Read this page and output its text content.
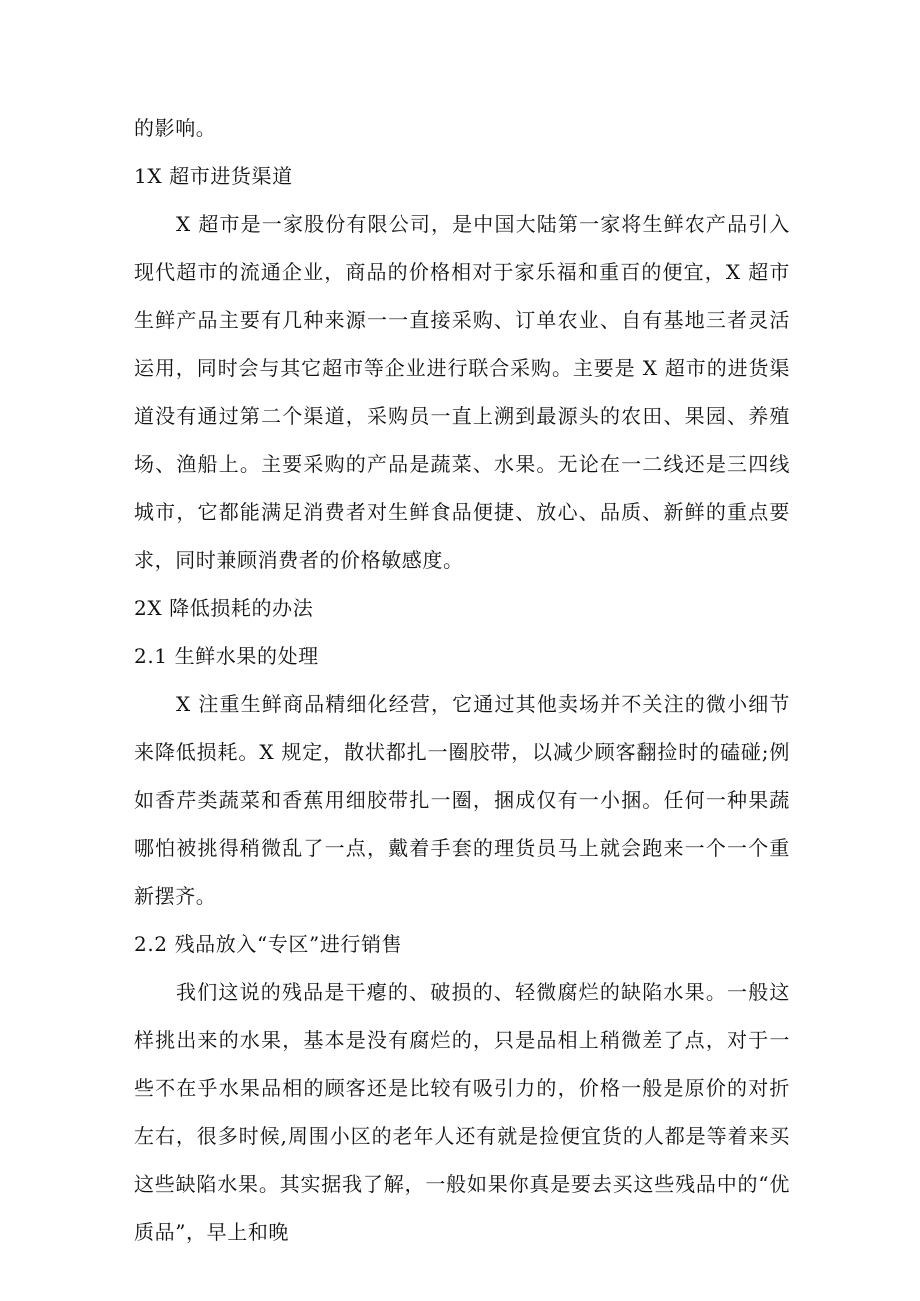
的影响。

1X 超市进货渠道

X 超市是一家股份有限公司，是中国大陆第一家将生鲜农产品引入现代超市的流通企业，商品的价格相对于家乐福和重百的便宜，X 超市生鲜产品主要有几种来源一一直接采购、订单农业、自有基地三者灵活运用，同时会与其它超市等企业进行联合采购。主要是 X 超市的进货渠道没有通过第二个渠道，采购员一直上溯到最源头的农田、果园、养殖场、渔船上。主要采购的产品是蔬菜、水果。无论在一二线还是三四线城市，它都能满足消费者对生鲜食品便捷、放心、品质、新鲜的重点要求，同时兼顾消费者的价格敏感度。

2X 降低损耗的办法

2.1 生鲜水果的处理

X 注重生鲜商品精细化经营，它通过其他卖场并不关注的微小细节来降低损耗。X 规定，散状都扎一圈胶带，以减少顾客翻捡时的磕碰;例如香芹类蔬菜和香蕉用细胶带扎一圈，捆成仅有一小捆。任何一种果蔬哪怕被挑得稍微乱了一点，戴着手套的理货员马上就会跑来一个一个重新摆齐。

2.2 残品放入“专区”进行销售

我们这说的残品是干瘪的、破损的、轻微腐烂的缺陷水果。一般这样挑出来的水果，基本是没有腐烂的，只是品相上稍微差了点，对于一些不在乎水果品相的顾客还是比较有吸引力的，价格一般是原价的对折左右，很多时候,周围小区的老年人还有就是捡便宜货的人都是等着来买这些缺陷水果。其实据我了解，一般如果你真是要去买这些残品中的“优质品”，早上和晚
